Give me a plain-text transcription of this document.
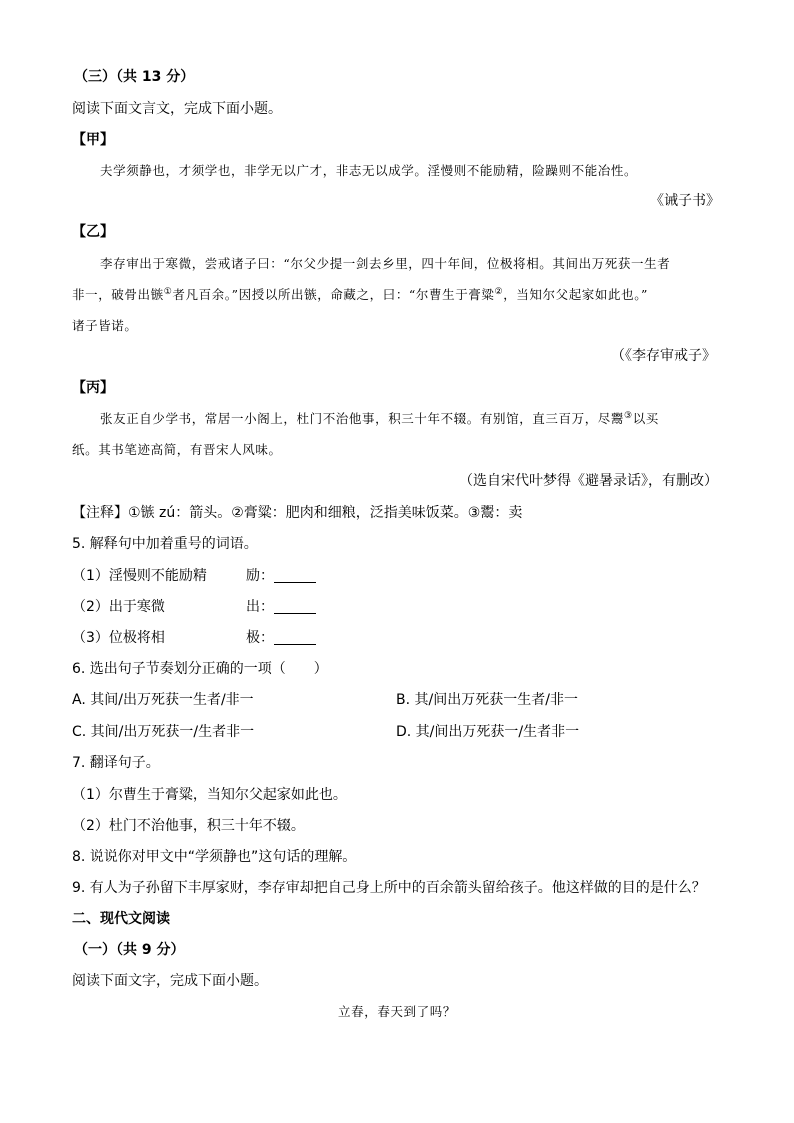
（三）（共 13 分）
阅读下面文言文，完成下面小题。
【甲】
夫学须静也，才须学也，非学无以广才，非志无以成学。淫慢则不能励精，险躁则不能冶性。
《诫子书》
【乙】
李存审出于寒微，尝戒诸子曰：“尔父少提一剑去乡里，四十年间，位极将相。其间出万死获一生者
非一，破骨出镞①者凡百余。”因授以所出镞，命藏之，曰：“尔曹生于膏粱②，当知尔父起家如此也。”
诸子皆诺。
（《李存审戒子》
【丙】
张友正自少学书，常居一小阁上，杜门不治他事，积三十年不辍。有别馆，直三百万，尽鬻③以买
纸。其书笔迹高简，有晋宋人风味。
（选自宋代叶梦得《避暑录话》，有删改）
【注释】①镞 zú：箭头。②膏粱：肥肉和细粮，泛指美味饭菜。③鬻：卖
5. 解释句中加着重号的词语。
（1）淫慢则不能励精	励：
（2）出于寒微	出：
（3）位极将相	极：
6. 选出句子节奏划分正确的一项（　　）
A. 其间/出万死获一生者/非一	B. 其/间出万死获一生者/非一
C. 其间/出万死获一/生者非一	D. 其/间出万死获一/生者非一
7. 翻译句子。
（1）尔曹生于膏粱，当知尔父起家如此也。
（2）杜门不治他事，积三十年不辍。
8. 说说你对甲文中“学须静也”这句话的理解。
9. 有人为子孙留下丰厚家财，李存审却把自己身上所中的百余箭头留给孩子。他这样做的目的是什么？
二、现代文阅读
（一）（共 9 分）
阅读下面文字，完成下面小题。
立春，春天到了吗？
